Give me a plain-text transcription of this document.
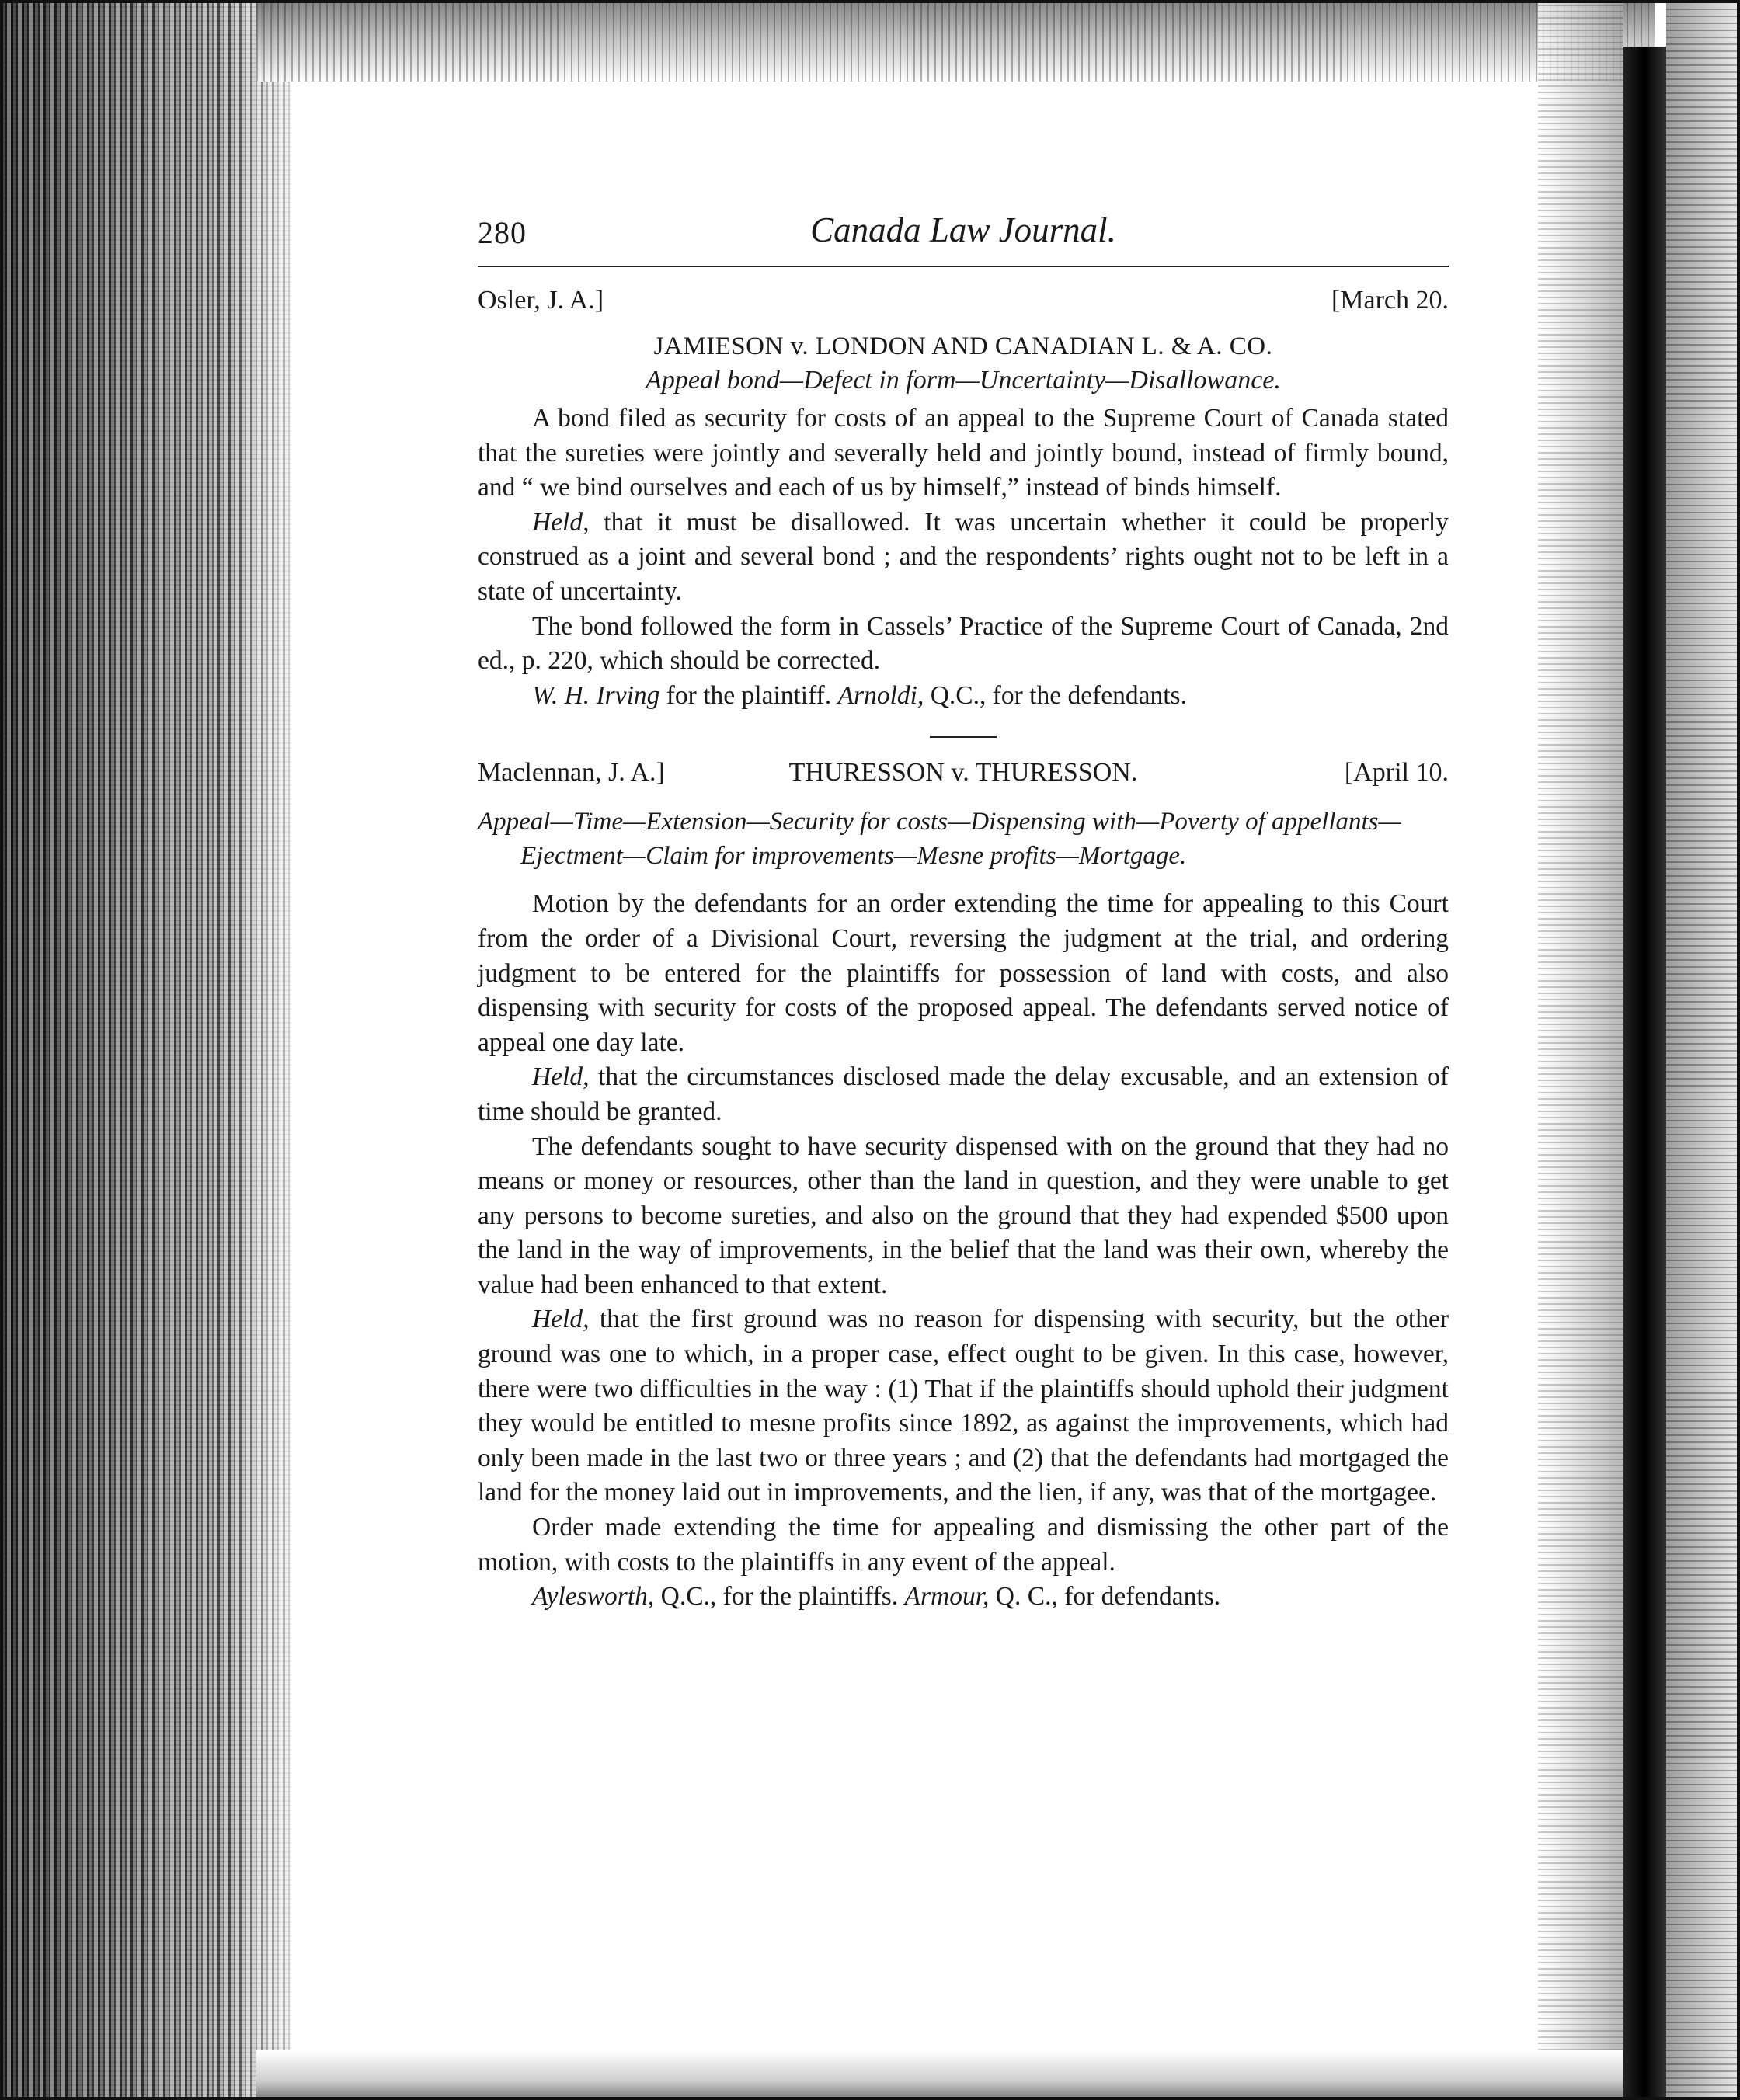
280	Canada Law Journal.
Osler, J. A.]	[March 20.
JAMIESON v. LONDON AND CANADIAN L. & A. CO.
Appeal bond—Defect in form—Uncertainty—Disallowance.

A bond filed as security for costs of an appeal to the Supreme Court of Canada stated that the sureties were jointly and severally held and jointly bound, instead of firmly bound, and “ we bind ourselves and each of us by himself,” instead of binds himself.

Held, that it must be disallowed. It was uncertain whether it could be properly construed as a joint and several bond ; and the respondents’ rights ought not to be left in a state of uncertainty.

The bond followed the form in Cassels’ Practice of the Supreme Court of Canada, 2nd ed., p. 220, which should be corrected.

W. H. Irving for the plaintiff. Arnoldi, Q.C., for the defendants.

Maclennan, J. A.]	THURESSON v. THURESSON.	[April 10.
Appeal—Time—Extension—Security for costs—Dispensing with—Poverty of appellants—Ejectment—Claim for improvements—Mesne profits—Mortgage.

Motion by the defendants for an order extending the time for appealing to this Court from the order of a Divisional Court, reversing the judgment at the trial, and ordering judgment to be entered for the plaintiffs for possession of land with costs, and also dispensing with security for costs of the proposed appeal. The defendants served notice of appeal one day late.

Held, that the circumstances disclosed made the delay excusable, and an extension of time should be granted.

The defendants sought to have security dispensed with on the ground that they had no means or money or resources, other than the land in question, and they were unable to get any persons to become sureties, and also on the ground that they had expended $500 upon the land in the way of improvements, in the belief that the land was their own, whereby the value had been enhanced to that extent.

Held, that the first ground was no reason for dispensing with security, but the other ground was one to which, in a proper case, effect ought to be given. In this case, however, there were two difficulties in the way : (1) That if the plaintiffs should uphold their judgment they would be entitled to mesne profits since 1892, as against the improvements, which had only been made in the last two or three years ; and (2) that the defendants had mortgaged the land for the money laid out in improvements, and the lien, if any, was that of the mortgagee.

Order made extending the time for appealing and dismissing the other part of the motion, with costs to the plaintiffs in any event of the appeal.

Aylesworth, Q.C., for the plaintiffs. Armour, Q. C., for defendants.
